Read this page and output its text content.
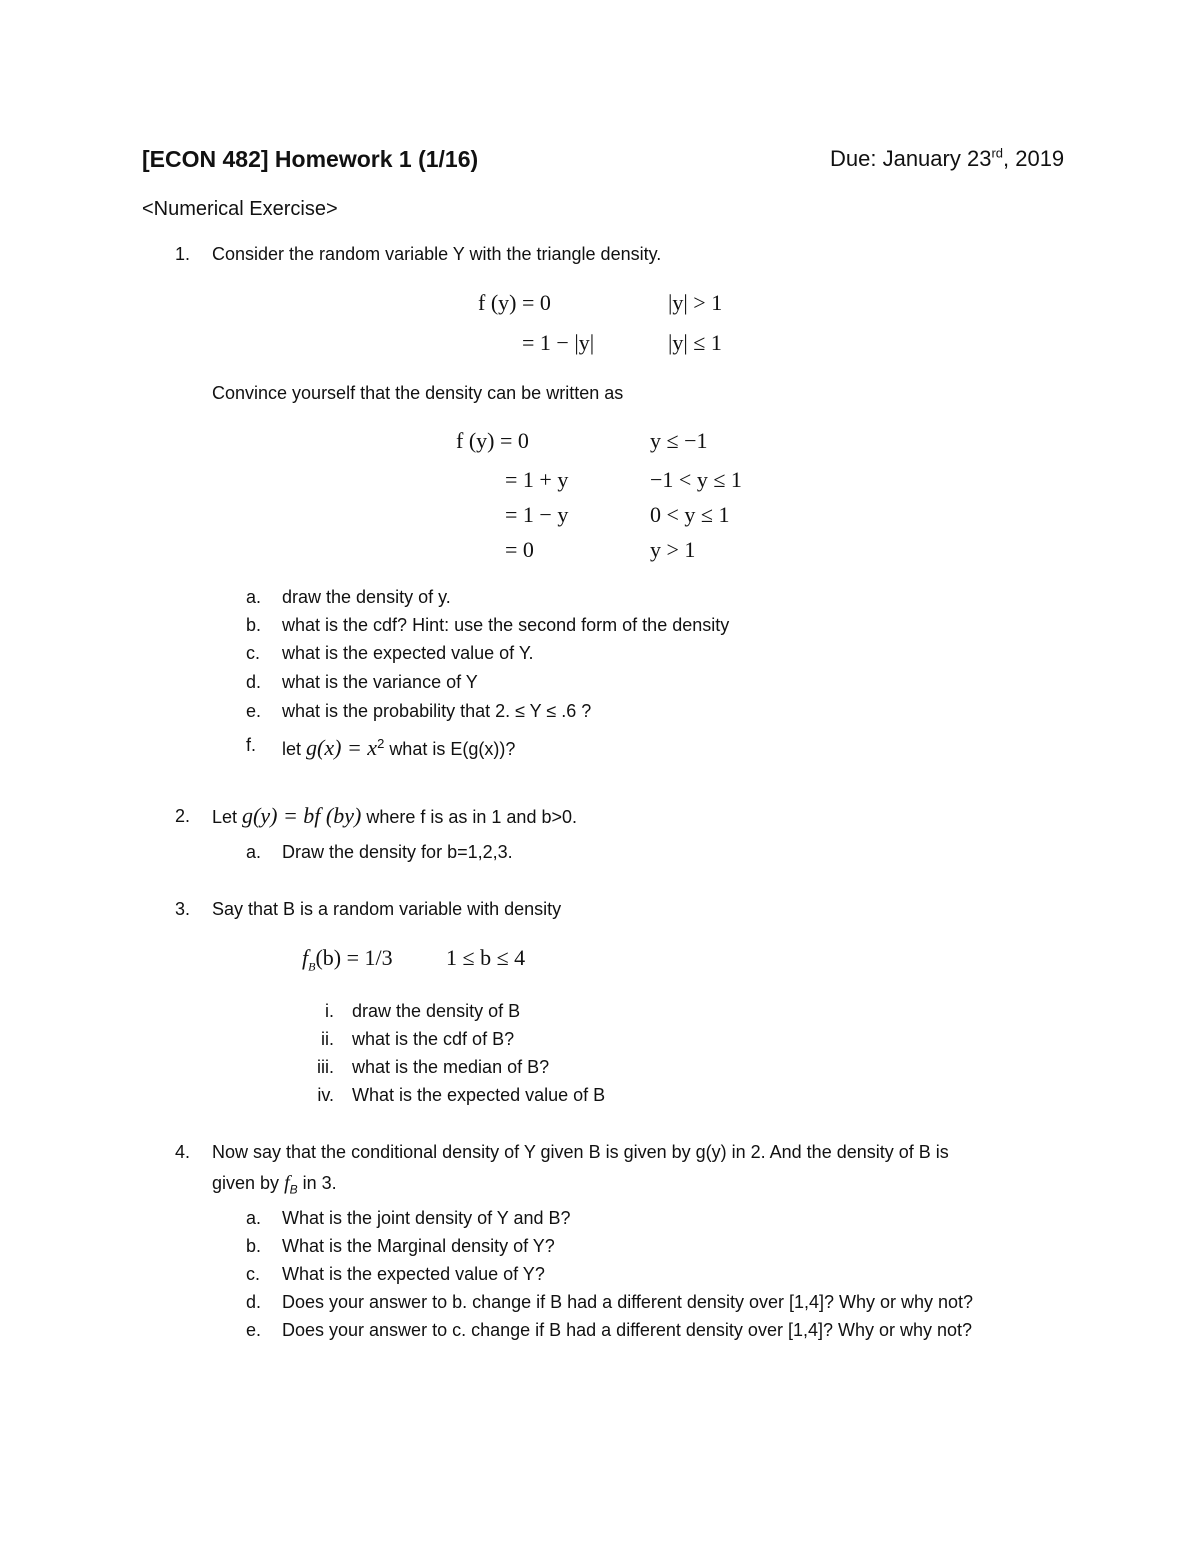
[ECON 482] Homework 1 (1/16)	Due: January 23rd, 2019
<Numerical Exercise>
1. Consider the random variable Y with the triangle density.
f (y) = 0	|y| > 1
= 1 − |y|	|y| ≤ 1
Convince yourself that the density can be written as
f (y) = 0	y ≤ −1
= 1 + y	−1 < y ≤ 1
= 1 − y	0 < y ≤ 1
= 0	y > 1
a. draw the density of y.
b. what is the cdf? Hint: use the second form of the density
c. what is the expected value of Y.
d. what is the variance of Y
e. what is the probability that 2. ≤ Y ≤ .6 ?
f. let $g(x) = x^2$ what is E(g(x))?
2. Let g(y) = bf (by) where f is as in 1 and b>0.
a. Draw the density for b=1,2,3.
3. Say that B is a random variable with density
$f_B(b) = 1/3$ 1 ≤ b ≤ 4
i. draw the density of B
ii. what is the cdf of B?
iii. what is the median of B?
iv. What is the expected value of B
4. Now say that the conditional density of Y given B is given by g(y) in 2. And the density of B is
given by $f_B$ in 3.
a. What is the joint density of Y and B?
b. What is the Marginal density of Y?
c. What is the expected value of Y?
d. Does your answer to b. change if B had a different density over [1,4]? Why or why not?
e. Does your answer to c. change if B had a different density over [1,4]? Why or why not?
